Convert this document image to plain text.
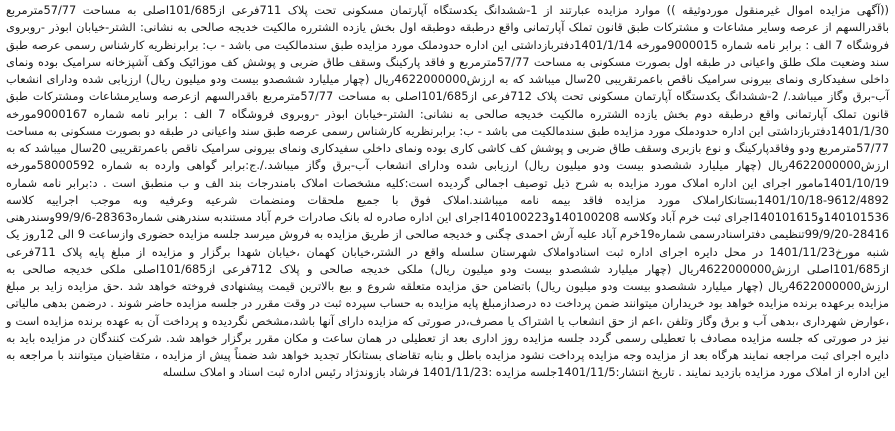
((آگهی مزایده اموال غیرمنقول موردوثیقه )) موارد مزایده عبارتند از 1-ششدانگ یکدستگاه آپارتمان مسکونی تحت پلاک 711فرعی از101/685اصلی به مساحت 57/77مترمربع باقدرالسهم از عرصه وسایر مشاعات و مشترکات طبق قانون تملک آپارتمانی واقع درطبقه دوطبقه اول بخش یازده الشترره مالکیت خدیجه صالحی به نشانی: الشتر-خیابان ابوذر -روبروی فروشگاه 7 الف : برابر نامه شماره 9000015مورخه 1401/1/14دفتربازداشتی این اداره حدودملک مورد مزایده طبق سندمالکیت می باشد - ب: برابرنظریه کارشناس رسمی عرصه طبق سند وضعیت ملک طلق واعیانی در طبقه اول بصورت مسکونی به مساحت 57/77مترمربع و فاقد پارکینگ وسقف طاق ضربی و پوشش کف موزائیک وکف آشپزخانه سرامیک بوده ونمای داخلی سفیدکاری ونمای بیرونی سرامیک ناقص باعمرتقریبی 20سال میباشد که به ارزش4622000000ریال (چهار میلیارد ششصدو بیست ودو میلیون ریال) ارزیابی شده ودارای انشعاب آب-برق وگاز میباشد./ 2-ششدانگ یکدستگاه آپارتمان مسکونی تحت پلاک 712فرعی از101/685اصلی به مساحت 57/77مترمربع باقدرالسهم ازعرصه وسایرمشاعات ومشترکات طبق قانون تملک آپارتمانی واقع درطبقه دوم بخش یازده الشترره مالکیت خدیجه صالحی به نشانی: الشتر-خیابان ابوذر -روبروی فروشگاه 7 الف : برابر نامه شماره 9000167مورخه 1401/1/30دفتربازداشتی این اداره حدودملک مورد مزایده طبق سندمالکیت می باشد - ب: برابرنظریه کارشناس رسمی عرصه طبق سند واعیانی در طبقه دو بصورت مسکونی به مساحت 57/77مترمربع ودو وفاقدپارکینگ و نوع بازبری وسقف طاق ضربی و پوشش کف کاشی کاری بوده ونمای داخلی سفیدکاری ونمای بیرونی سرامیک ناقص باعمرتقریبی 20سال میباشد که به ارزش4622000000ریال (چهار میلیارد ششصدو بیست ودو میلیون ریال) ارزیابی شده ودارای انشعاب آب-برق وگاز میباشد./.ج:برابر گواهی وارده به شماره 58000592مورخه 1401/10/19مامور اجرای این اداره املاک مورد مزایده به شرح ذیل توصیف اجمالی گردیده است:کلیه مشخصات املاک بامندرجات بند الف و ب منطبق است . د:برابر نامه شماره 9612/4892-1401/10/18بستانکاراملاک مورد مزایده فاقد بیمه نامه میباشند.املاک فوق با جمیع ملحقات ومنضمات شرعیه وعرفیه وبه موجب اجراییه کلاسه 140101536و140101615اجرای ثبت خرم آباد وکلاسه 140100208و140100223اجرای این اداره صادره له بانک صادرات خرم آباد مستندبه سندرهنی شماره28363-99/9/6وسندرهنی 28416-99/9/20تنظیمی دفتراسنادرسمی شماره19خرم آباد علیه آرش احمدی چگنی و خدیجه صالحی از طریق مزایده به فروش میرسد جلسه مزایده حضوری وازساعت 9 الی 12روز یک شنبه مورخ1401/11/23 در محل دایره اجرای اداره ثبت اسنادواملاک شهرستان سلسله واقع در الشتر،خیابان کهمان ،خیابان شهدا برگزار و مزایده از مبلغ پایه پلاک 711فرعی از101/685اصلی ارزش4622000000ریال (چهار میلیارد ششصدو بیست ودو میلیون ریال) ملکی خدیجه صالحی و پلاک 712فرعی از101/685اصلی ملکی خدیجه صالحی به ارزش4622000000ریال (چهار میلیارد ششصدو بیست ودو میلیون ریال) باتضامن حق مزایده متعلقه شروع و بیع بالاترین قیمت پیشنهادی فروخته خواهد شد .حق مزایده زاید بر مبلغ مزایده برعهده برنده مزایده خواهد بود خریداران میتوانند ضمن پرداخت ده درصدازمبلغ پایه مزایده به حساب سپرده ثبت در وقت مقرر در جلسه مزایده حاضر شوند . درضمن بدهی مالیاتی ،عوارض شهرداری ،بدهی آب و برق وگاز وتلفن ،اعم از حق انشعاب یا اشتراک یا مصرف،در صورتی که مزایده دارای آنها باشد،مشخص نگردیده و پرداخت آن به عهده برنده مزایده است و نیز در صورتی که جلسه مزایده مصادف با تعطیلی رسمی گردد جلسه مزایده روز اداری بعد از تعطیلی در همان ساعت و مکان مقرر برگزار خواهد شد. شرکت کنندگان در مزایده باید به دایره اجرای ثبت مراجعه نمایند هرگاه بعد از مزایده وجه مزایده پرداخت نشود مزایده باطل و بنابه تقاضای بستانکار تجدید خواهد شد ضمناً پیش از مزایده ، متقاضیان میتوانند با مراجعه به این اداره از املاک مورد مزایده بازدید نمایند . تاریخ انتشار:1401/11/5جلسه مزایده :1401/11/23 فرشاد بازوندژاد رئیس اداره ثبت اسناد و املاک سلسله
